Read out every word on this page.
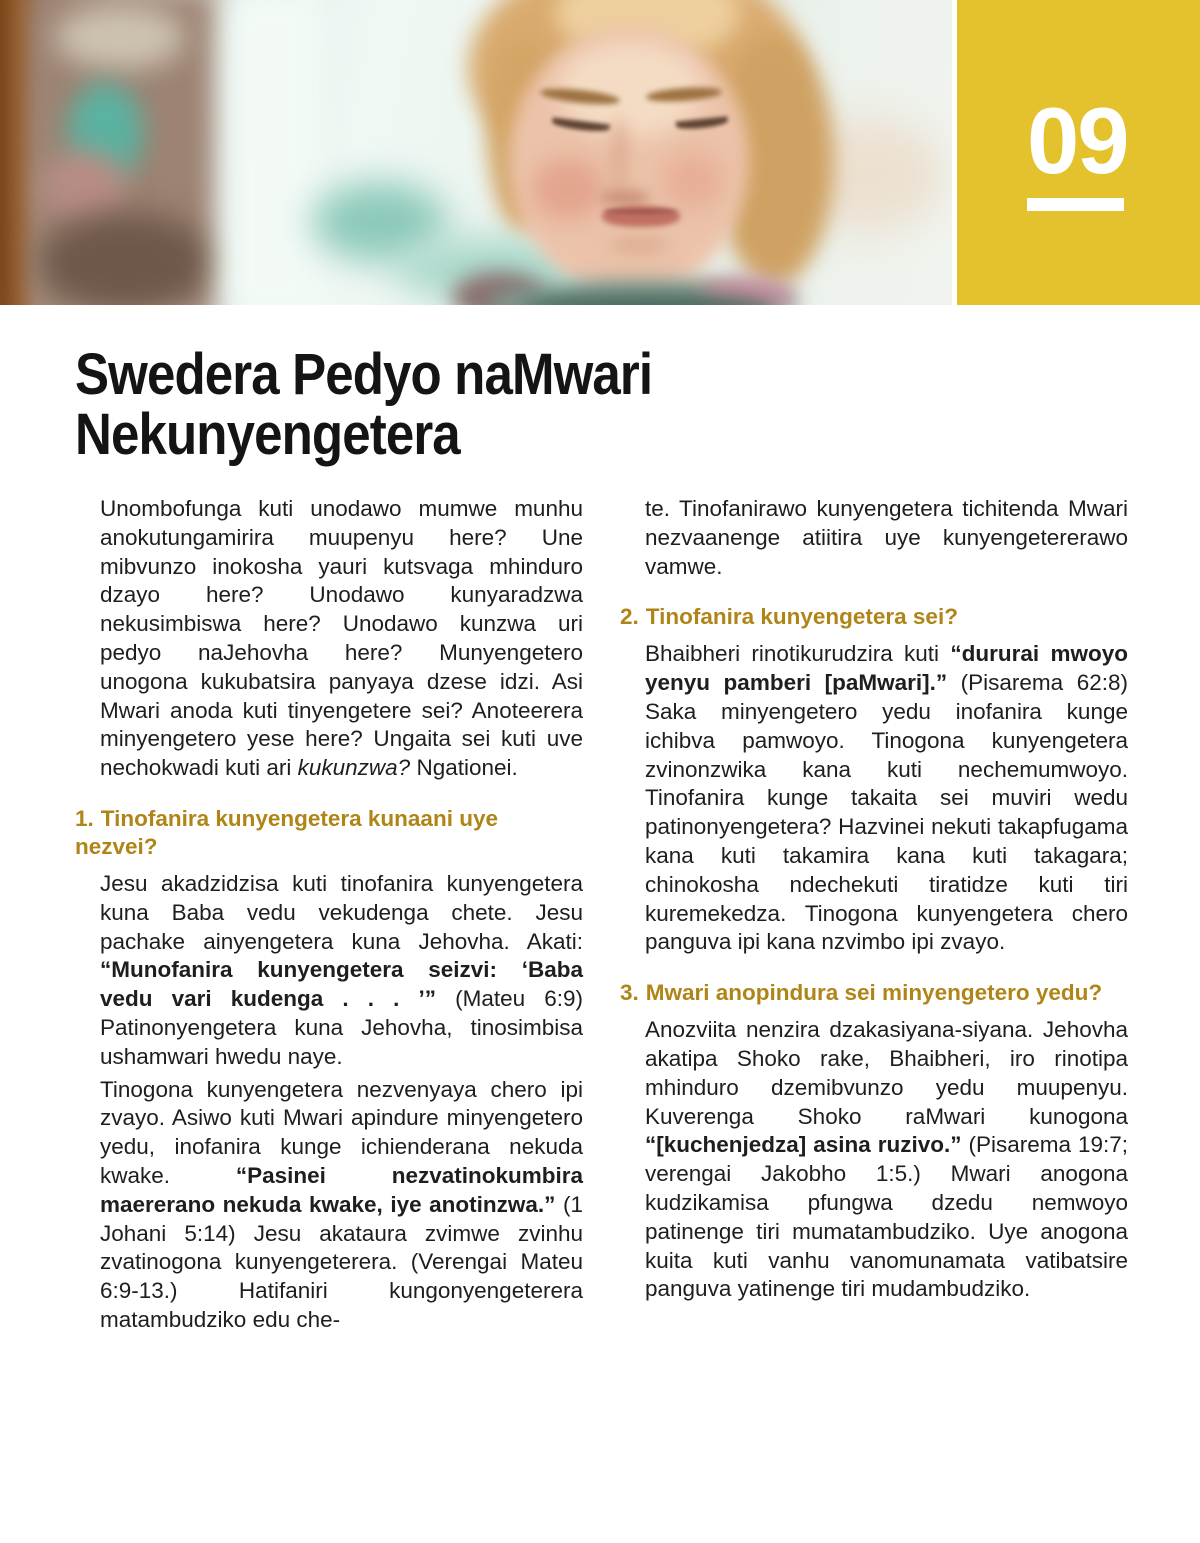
09
Swedera Pedyo naMwari Nekunyengetera

Unombofunga kuti unodawo mumwe munhu anokutungamirira muupenyu here? Une mibvunzo inokosha yauri kutsvaga mhinduro dzayo here? Unodawo kunyaradzwa nekusimbiswa here? Unodawo kunzwa uri pedyo naJehovha here? Munyengetero unogona kukubatsira panyaya dzese idzi. Asi Mwari anoda kuti tinyengetere sei? Anoteerera minyengetero yese here? Ungaita sei kuti uve nechokwadi kuti ari kukunzwa? Ngationei.

1. Tinofanira kunyengetera kunaani uye nezvei?

Jesu akadzidzisa kuti tinofanira kunyengetera kuna Baba vedu vekudenga chete. Jesu pachake ainyengetera kuna Jehovha. Akati: “Munofanira kunyengetera seizvi: ‘Baba vedu vari kudenga . . . ’” (Mateu 6:9) Patinonyengetera kuna Jehovha, tinosimbisa ushamwari hwedu naye.

Tinogona kunyengetera nezvenyaya chero ipi zvayo. Asiwo kuti Mwari apindure minyengetero yedu, inofanira kunge ichienderana nekuda kwake. “Pasinei nezvatinokumbira maererano nekuda kwake, iye anotinzwa.” (1 Johani 5:14) Jesu akataura zvimwe zvinhu zvatinogona kunyengeterera. (Verengai Mateu 6:9-13.) Hatifaniri kungonyengeterera matambudziko edu che-

te. Tinofanirawo kunyengetera tichitenda Mwari nezvaanenge atiitira uye kunyengetererawo vamwe.

2. Tinofanira kunyengetera sei?

Bhaibheri rinotikurudzira kuti “dururai mwoyo yenyu pamberi [paMwari].” (Pisarema 62:8) Saka minyengetero yedu inofanira kunge ichibva pamwoyo. Tinogona kunyengetera zvinonzwika kana kuti nechemumwoyo. Tinofanira kunge takaita sei muviri wedu patinonyengetera? Hazvinei nekuti takapfugama kana kuti takamira kana kuti takagara; chinokosha ndechekuti tiratidze kuti tiri kuremekedza. Tinogona kunyengetera chero panguva ipi kana nzvimbo ipi zvayo.

3. Mwari anopindura sei minyengetero yedu?

Anozviita nenzira dzakasiyana-siyana. Jehovha akatipa Shoko rake, Bhaibheri, iro rinotipa mhinduro dzemibvunzo yedu muupenyu. Kuverenga Shoko raMwari kunogona “[kuchenjedza] asina ruzivo.” (Pisarema 19:7; verengai Jakobho 1:5.) Mwari anogona kudzikamisa pfungwa dzedu nemwoyo patinenge tiri mumatambudziko. Uye anogona kuita kuti vanhu vanomunamata vatibatsire panguva yatinenge tiri mudambudziko.
